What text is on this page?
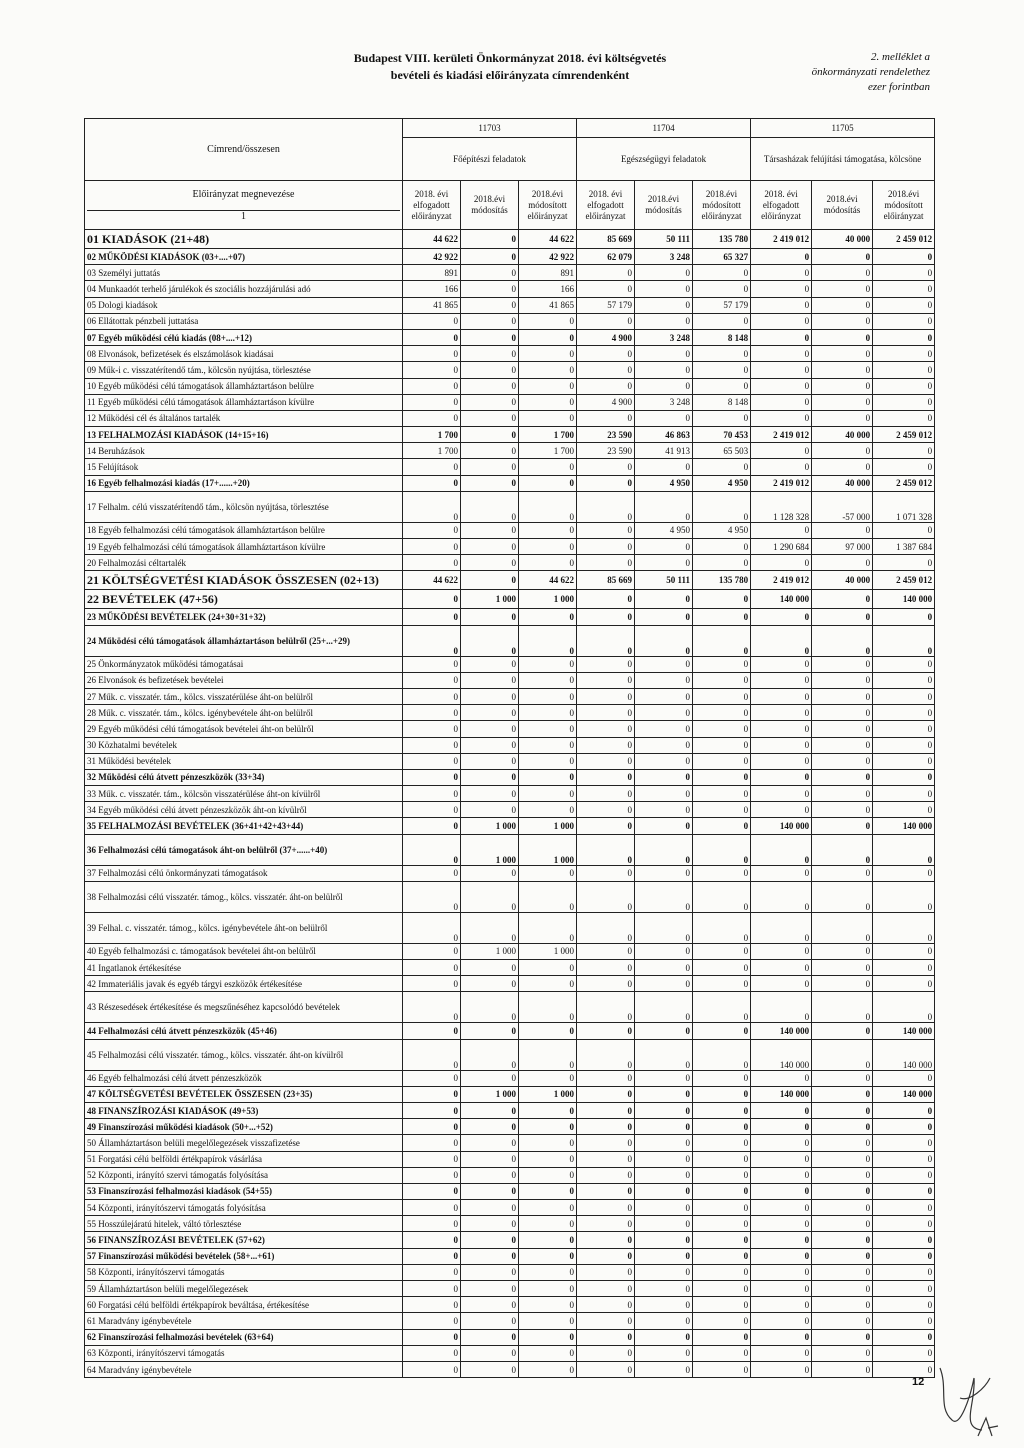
Budapest VIII. kerületi Önkormányzat 2018. évi költségvetés
bevételi és kiadási előirányzata címrendenként
2. melléklet a
önkormányzati rendelethez
ezer forintban
Címrend/összesen	11703			11704			11705		
	Főépítészi feladatok			Egészségügyi feladatok			Társasházak felújítási támogatása, kölcsöne		

Előirányzat megnevezése
1	2018. évi elfogadott előirányzat	2018.évi módosítás	2018.évi módosított előirányzat	2018. évi elfogadott előirányzat	2018.évi módosítás	2018.évi módosított előirányzat	2018. évi elfogadott előirányzat	2018.évi módosítás	2018.évi módosított előirányzat
01 KIADÁSOK (21+48)	44 622	0	44 622	85 669	50 111	135 780	2 419 012	40 000	2 459 012
02 MŰKÖDÉSI KIADÁSOK (03+....+07)	42 922	0	42 922	62 079	3 248	65 327	0	0	0
03 Személyi juttatás	891	0	891	0	0	0	0	0	0
04 Munkaadót terhelő járulékok és szociális hozzájárulási adó	166	0	166	0	0	0	0	0	0
05 Dologi kiadások	41 865	0	41 865	57 179	0	57 179	0	0	0
06 Ellátottak pénzbeli juttatása	0	0	0	0	0	0	0	0	0
07 Egyéb működési célú kiadás (08+....+12)	0	0	0	4 900	3 248	8 148	0	0	0
08 Elvonások, befizetések és elszámolások kiadásai	0	0	0	0	0	0	0	0	0
09 Műk-i c. visszatérítendő tám., kölcsön nyújtása, törlesztése	0	0	0	0	0	0	0	0	0
10 Egyéb működési célú támogatások államháztartáson belülre	0	0	0	0	0	0	0	0	0
11 Egyéb működési célú támogatások államháztartáson kívülre	0	0	0	4 900	3 248	8 148	0	0	0
12 Működési cél és általános tartalék	0	0	0	0	0	0	0	0	0
13 FELHALMOZÁSI KIADÁSOK (14+15+16)	1 700	0	1 700	23 590	46 863	70 453	2 419 012	40 000	2 459 012
14 Beruházások	1 700	0	1 700	23 590	41 913	65 503	0	0	0
15 Felújítások	0	0	0	0	0	0	0	0	0
16 Egyéb felhalmozási kiadás (17+......+20)	0	0	0	0	4 950	4 950	2 419 012	40 000	2 459 012
17 Felhalm. célú visszatérítendő tám., kölcsön nyújtása, törlesztése	0	0	0	0	0	0	1 128 328	-57 000	1 071 328
18 Egyéb felhalmozási célú támogatások államháztartáson belülre	0	0	0	0	4 950	4 950	0	0	0
19 Egyéb felhalmozási célú támogatások államháztartáson kívülre	0	0	0	0	0	0	1 290 684	97 000	1 387 684
20 Felhalmozási céltartalék	0	0	0	0	0	0	0	0	0
21 KÖLTSÉGVETÉSI KIADÁSOK ÖSSZESEN (02+13)	44 622	0	44 622	85 669	50 111	135 780	2 419 012	40 000	2 459 012
22 BEVÉTELEK (47+56)	0	1 000	1 000	0	0	0	140 000	0	140 000
23 MŰKÖDÉSI BEVÉTELEK (24+30+31+32)	0	0	0	0	0	0	0	0	0
24 Működési célú támogatások államháztartáson belülről (25+...+29)	0	0	0	0	0	0	0	0	0
25 Önkormányzatok működési támogatásai	0	0	0	0	0	0	0	0	0
26 Elvonások és befizetések bevételei	0	0	0	0	0	0	0	0	0
27 Műk. c. visszatér. tám., kölcs. visszatérülése áht-on belülről	0	0	0	0	0	0	0	0	0
28 Műk. c. visszatér. tám., kölcs. igénybevétele áht-on belülről	0	0	0	0	0	0	0	0	0
29 Egyéb működési célú támogatások bevételei áht-on belülről	0	0	0	0	0	0	0	0	0
30 Közhatalmi bevételek	0	0	0	0	0	0	0	0	0
31 Működési bevételek	0	0	0	0	0	0	0	0	0
32 Működési célú átvett pénzeszközök (33+34)	0	0	0	0	0	0	0	0	0
33 Műk. c. visszatér. tám., kölcsön visszatérülése áht-on kívülről	0	0	0	0	0	0	0	0	0
34 Egyéb működési célú átvett pénzeszközök áht-on kívülről	0	0	0	0	0	0	0	0	0
35 FELHALMOZÁSI BEVÉTELEK (36+41+42+43+44)	0	1 000	1 000	0	0	0	140 000	0	140 000
36 Felhalmozási célú támogatások áht-on belülről (37+......+40)	0	1 000	1 000	0	0	0	0	0	0
37 Felhalmozási célú önkormányzati támogatások	0	0	0	0	0	0	0	0	0
38 Felhalmozási célú visszatér. támog., kölcs. visszatér. áht-on belülről	0	0	0	0	0	0	0	0	0
39 Felhal. c. visszatér. támog., kölcs. igénybevétele áht-on belülről	0	0	0	0	0	0	0	0	0
40 Egyéb felhalmozási c. támogatások bevételei áht-on belülről	0	1 000	1 000	0	0	0	0	0	0
41 Ingatlanok értékesítése	0	0	0	0	0	0	0	0	0
42 Immateriális javak és egyéb tárgyi eszközök értékesítése	0	0	0	0	0	0	0	0	0
43 Részesedések értékesítése és megszűnéséhez kapcsolódó bevételek	0	0	0	0	0	0	0	0	0
44 Felhalmozási célú átvett pénzeszközök (45+46)	0	0	0	0	0	0	140 000	0	140 000
45 Felhalmozási célú visszatér. támog., kölcs. visszatér. áht-on kívülről	0	0	0	0	0	0	140 000	0	140 000
46 Egyéb felhalmozási célú átvett pénzeszközök	0	0	0	0	0	0	0	0	0
47 KÖLTSÉGVETÉSI BEVÉTELEK ÖSSZESEN (23+35)	0	1 000	1 000	0	0	0	140 000	0	140 000
48 FINANSZÍROZÁSI KIADÁSOK (49+53)	0	0	0	0	0	0	0	0	0
49 Finanszírozási működési kiadások (50+...+52)	0	0	0	0	0	0	0	0	0
50 Államháztartáson belüli megelőlegezések visszafizetése	0	0	0	0	0	0	0	0	0
51 Forgatási célú belföldi értékpapírok vásárlása	0	0	0	0	0	0	0	0	0
52 Központi, irányító szervi támogatás folyósítása	0	0	0	0	0	0	0	0	0
53 Finanszírozási felhalmozási kiadások (54+55)	0	0	0	0	0	0	0	0	0
54 Központi, irányítószervi támogatás folyósítása	0	0	0	0	0	0	0	0	0
55 Hosszúlejáratú hitelek, váltó törlesztése	0	0	0	0	0	0	0	0	0
56 FINANSZÍROZÁSI BEVÉTELEK (57+62)	0	0	0	0	0	0	0	0	0
57 Finanszírozási működési bevételek (58+...+61)	0	0	0	0	0	0	0	0	0
58 Központi, irányítószervi támogatás	0	0	0	0	0	0	0	0	0
59 Államháztartáson belüli megelőlegezések	0	0	0	0	0	0	0	0	0
60 Forgatási célú belföldi értékpapírok beváltása, értékesítése	0	0	0	0	0	0	0	0	0
61 Maradvány igénybevétele	0	0	0	0	0	0	0	0	0
62 Finanszírozási felhalmozási bevételek (63+64)	0	0	0	0	0	0	0	0	0
63 Központi, irányítószervi támogatás	0	0	0	0	0	0	0	0	0
64 Maradvány igénybevétele	0	0	0	0	0	0	0	0	0
12
